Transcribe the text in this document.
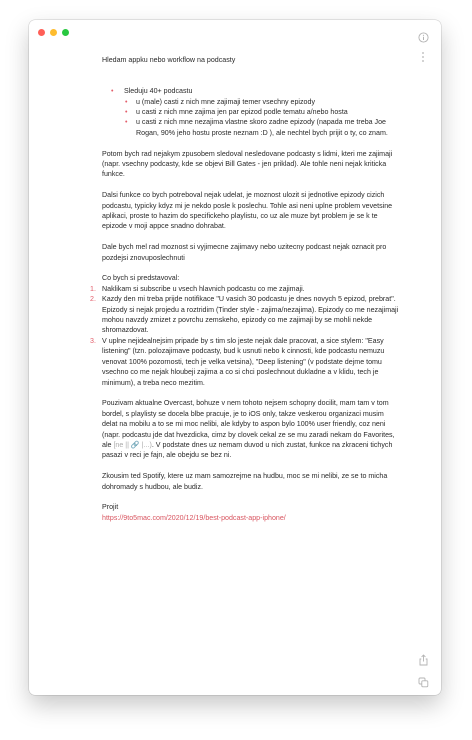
Hledam appku nebo workflow na podcasty

• Sleduju 40+ podcastu
• u (male) casti z nich mne zajimaji temer vsechny epizody
• u casti z nich mne zajima jen par epizod podle tematu a/nebo hosta
• u casti z nich mne nezajima vlastne skoro zadne epizody (napada me treba Joe Rogan, 90% jeho hostu proste neznam :D ), ale nechtel bych prijit o ty, co znam.

Potom bych rad nejakym zpusobem sledoval nesledovane podcasty s lidmi, kteri me zajimaji (napr. vsechny podcasty, kde se objevi Bill Gates - jen priklad). Ale tohle neni nejak kriticka funkce.

Dalsi funkce co bych potreboval nejak udelat, je moznost ulozit si jednotlive epizody cizich podcastu, typicky kdyz mi je nekdo posle k poslechu. Tohle asi neni uplne problem vevetsine aplikaci, proste to hazim do specifickeho playlistu, co uz ale muze byt problem je se k te epizode v moji appce snadno dohrabat.

Dale bych mel rad moznost si vyjimecne zajimavy nebo uzitecny podcast nejak oznacit pro pozdejsi znovuposlechnuti

Co bych si predstavoval:

1. Naklikam si subscribe u vsech hlavnich podcastu co me zajimaji.
2. Kazdy den mi treba prijde notifikace "U vasich 30 podcastu je dnes novych 5 epizod, prebrat". Epizody si nejak projedu a roztridim (Tinder style - zajima/nezajima). Epizody co me nezajimaji mohou navzdy zmizet z povrchu zemskeho, epizody co me zajimaji by se mohli nekde shromazdovat.
3. V uplne nejidealnejsim pripade by s tim slo jeste nejak dale pracovat, a sice stylem: "Easy listening" (tzn. polozajimave podcasty, bud k usnuti nebo k cinnosti, kde podcastu nemuzu venovat 100% pozornosti, tech je velka vetsina), "Deep listening" (v podstate dejme tomu vsechno co me nejak hloubeji zajima a co si chci poslechnout dukladne a v klidu, tech je minimum), a treba neco mezitim.

Pouzivam aktualne Overcast, bohuze v nem tohoto nejsem schopny docilit, mam tam v tom bordel, s playlisty se docela blbe pracuje, je to iOS only, takze veskerou organizaci musim delat na mobilu a to se mi moc nelibi, ale kdyby to aspon bylo 100% user friendly, coz neni (napr. podcastu jde dat hvezdicka, cimz by clovek cekal ze se mu zaradi nekam do Favorites, ale [ne || 🔗 |...). V podstate dnes uz nemam duvod u nich zustat, funkce na zkraceni tichych pasazi v reci je fajn, ale obejdu se bez ni.

Zkousim ted Spotify, ktere uz mam samozrejme na hudbu, moc se mi nelibi, ze se to micha dohromady s hudbou, ale budiz.

Projit

https://9to5mac.com/2020/12/19/best-podcast-app-iphone/
